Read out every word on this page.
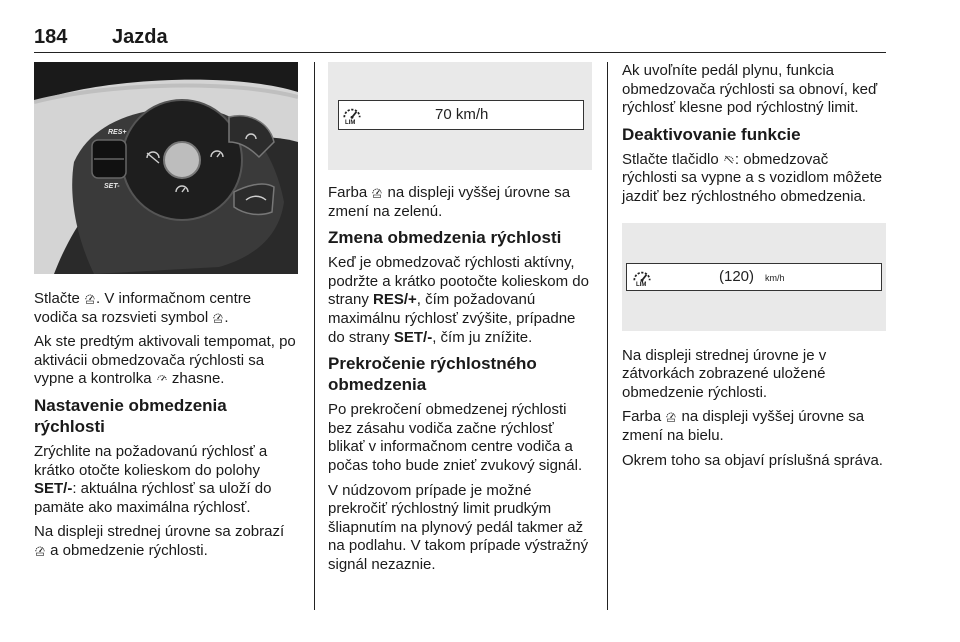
184 Jazda
RES+
SET-

Stlačte
. V informačnom centre vodiča sa rozsvieti symbol
.

Ak ste predtým aktivovali tempomat, po aktivácii obmedzovača rýchlosti sa vypne a kontrolka
zhasne.

Nastavenie obmedzenia rýchlosti

Zrýchlite na požadovanú rýchlosť a krátko otočte kolieskom do polohy SET/-: aktuálna rýchlosť sa uloží do pamäte ako maximálna rýchlosť.

Na displeji strednej úrovne sa zobrazí
a obmedzenie rýchlosti.

LIM	70 km/h

Farba
na displeji vyššej úrovne sa zmení na zelenú.

Zmena obmedzenia rýchlosti

Keď je obmedzovač rýchlosti aktívny, podržte a krátko pootočte kolieskom do strany RES/+, čím požadovanú maximálnu rýchlosť zvýšite, prípadne do strany SET/-, čím ju znížite.

Prekročenie rýchlostného obmedzenia

Po prekročení obmedzenej rýchlosti bez zásahu vodiča začne rýchlosť blikať v informačnom centre vodiča a počas toho bude znieť zvukový signál.

V núdzovom prípade je možné prekročiť rýchlostný limit prudkým šliapnutím na plynový pedál takmer až na podlahu. V takom prípade výstražný signál nezaznie.

Ak uvoľníte pedál plynu, funkcia obmedzovača rýchlosti sa obnoví, keď rýchlosť klesne pod rýchlostný limit.

Deaktivovanie funkcie

Stlačte tlačidlo
: obmedzovač rýchlosti sa vypne a s vozidlom môžete jazdiť bez rýchlostného obmedzenia.

LIM	(120) km/h

Na displeji strednej úrovne je v zátvorkách zobrazené uložené obmedzenie rýchlosti.

Farba
na displeji vyššej úrovne sa zmení na bielu.

Okrem toho sa objaví príslušná správa.
